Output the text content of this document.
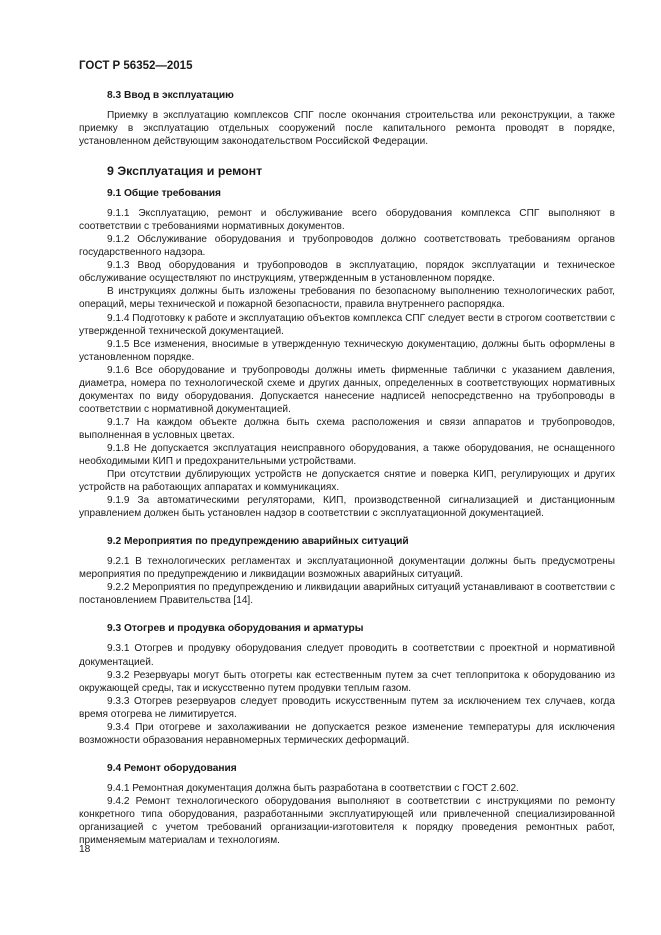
ГОСТ Р 56352—2015
8.3 Ввод в эксплуатацию

Приемку в эксплуатацию комплексов СПГ после окончания строительства или реконструкции, а также приемку в эксплуатацию отдельных сооружений после капитального ремонта проводят в порядке, установленном действующим законодательством Российской Федерации.

9 Эксплуатация и ремонт
9.1 Общие требования

9.1.1 Эксплуатацию, ремонт и обслуживание всего оборудования комплекса СПГ выполняют в соответствии с требованиями нормативных документов.

9.1.2 Обслуживание оборудования и трубопроводов должно соответствовать требованиям органов государственного надзора.

9.1.3 Ввод оборудования и трубопроводов в эксплуатацию, порядок эксплуатации и техническое обслуживание осуществляют по инструкциям, утвержденным в установленном порядке.

В инструкциях должны быть изложены требования по безопасному выполнению технологических работ, операций, меры технической и пожарной безопасности, правила внутреннего распорядка.

9.1.4 Подготовку к работе и эксплуатацию объектов комплекса СПГ следует вести в строгом соответствии с утвержденной технической документацией.

9.1.5 Все изменения, вносимые в утвержденную техническую документацию, должны быть оформлены в установленном порядке.

9.1.6 Все оборудование и трубопроводы должны иметь фирменные таблички с указанием давления, диаметра, номера по технологической схеме и других данных, определенных в соответствующих нормативных документах по виду оборудования. Допускается нанесение надписей непосредственно на трубопроводы в соответствии с нормативной документацией.

9.1.7 На каждом объекте должна быть схема расположения и связи аппаратов и трубопроводов, выполненная в условных цветах.

9.1.8 Не допускается эксплуатация неисправного оборудования, а также оборудования, не оснащенного необходимыми КИП и предохранительными устройствами.

При отсутствии дублирующих устройств не допускается снятие и поверка КИП, регулирующих и других устройств на работающих аппаратах и коммуникациях.

9.1.9 За автоматическими регуляторами, КИП, производственной сигнализацией и дистанционным управлением должен быть установлен надзор в соответствии с эксплуатационной документацией.

9.2 Мероприятия по предупреждению аварийных ситуаций

9.2.1 В технологических регламентах и эксплуатационной документации должны быть предусмотрены мероприятия по предупреждению и ликвидации возможных аварийных ситуаций.

9.2.2 Мероприятия по предупреждению и ликвидации аварийных ситуаций устанавливают в соответствии с постановлением Правительства [14].

9.3 Отогрев и продувка оборудования и арматуры

9.3.1 Отогрев и продувку оборудования следует проводить в соответствии с проектной и нормативной документацией.

9.3.2 Резервуары могут быть отогреты как естественным путем за счет теплопритока к оборудованию из окружающей среды, так и искусственно путем продувки теплым газом.

9.3.3 Отогрев резервуаров следует проводить искусственным путем за исключением тех случаев, когда время отогрева не лимитируется.

9.3.4 При отогреве и захолаживании не допускается резкое изменение температуры для исключения возможности образования неравномерных термических деформаций.

9.4 Ремонт оборудования

9.4.1 Ремонтная документация должна быть разработана в соответствии с ГОСТ 2.602.

9.4.2 Ремонт технологического оборудования выполняют в соответствии с инструкциями по ремонту конкретного типа оборудования, разработанными эксплуатирующей или привлеченной специализированной организацией с учетом требований организации-изготовителя к порядку проведения ремонтных работ, применяемым материалам и технологиям.

18
